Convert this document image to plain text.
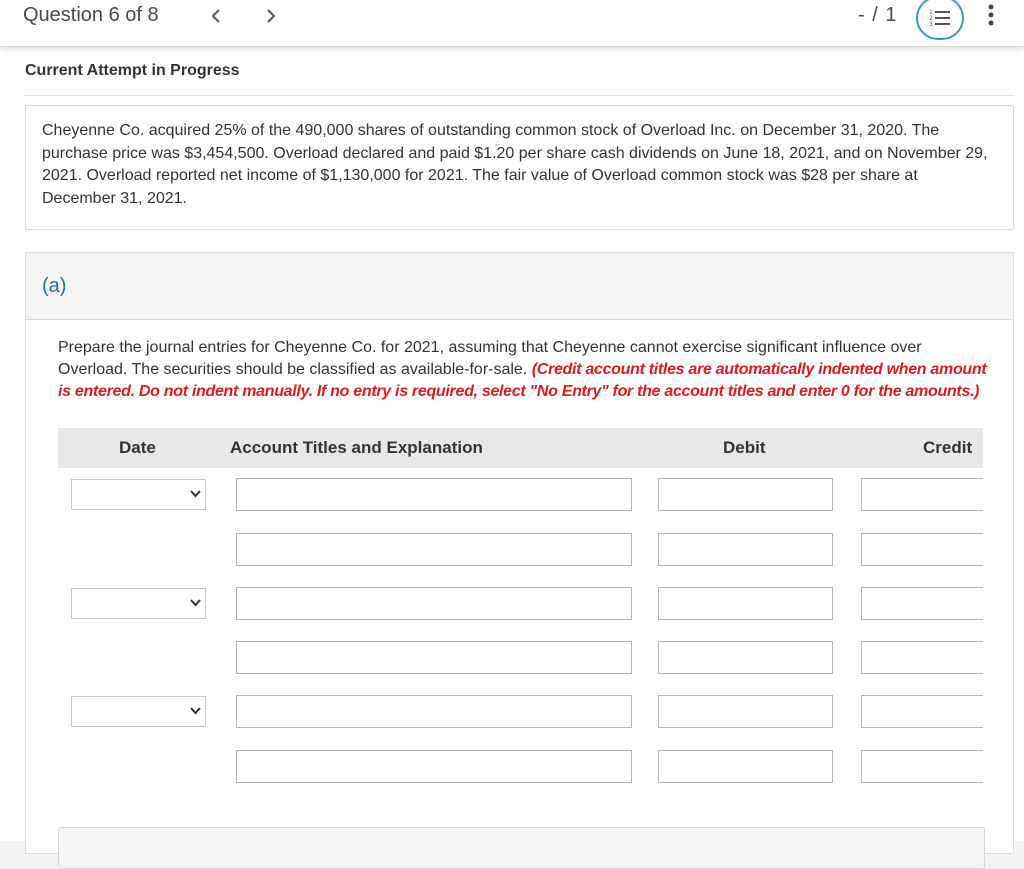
Question 6 of 8	- / 1	1
2
3
Current Attempt in Progress

Cheyenne Co. acquired 25% of the 490,000 shares of outstanding common stock of Overload Inc. on December 31, 2020. The purchase price was $3,454,500. Overload declared and paid $1.20 per share cash dividends on June 18, 2021, and on November 29, 2021. Overload reported net income of $1,130,000 for 2021. The fair value of Overload common stock was $28 per share at December 31, 2021.

(a)

Prepare the journal entries for Cheyenne Co. for 2021, assuming that Cheyenne cannot exercise significant influence over Overload. The securities should be classified as available-for-sale. (Credit account titles are automatically indented when amount is entered. Do not indent manually. If no entry is required, select "No Entry" for the account titles and enter 0 for the amounts.)

Date	Account Titles and Explanation	Debit	Credit
